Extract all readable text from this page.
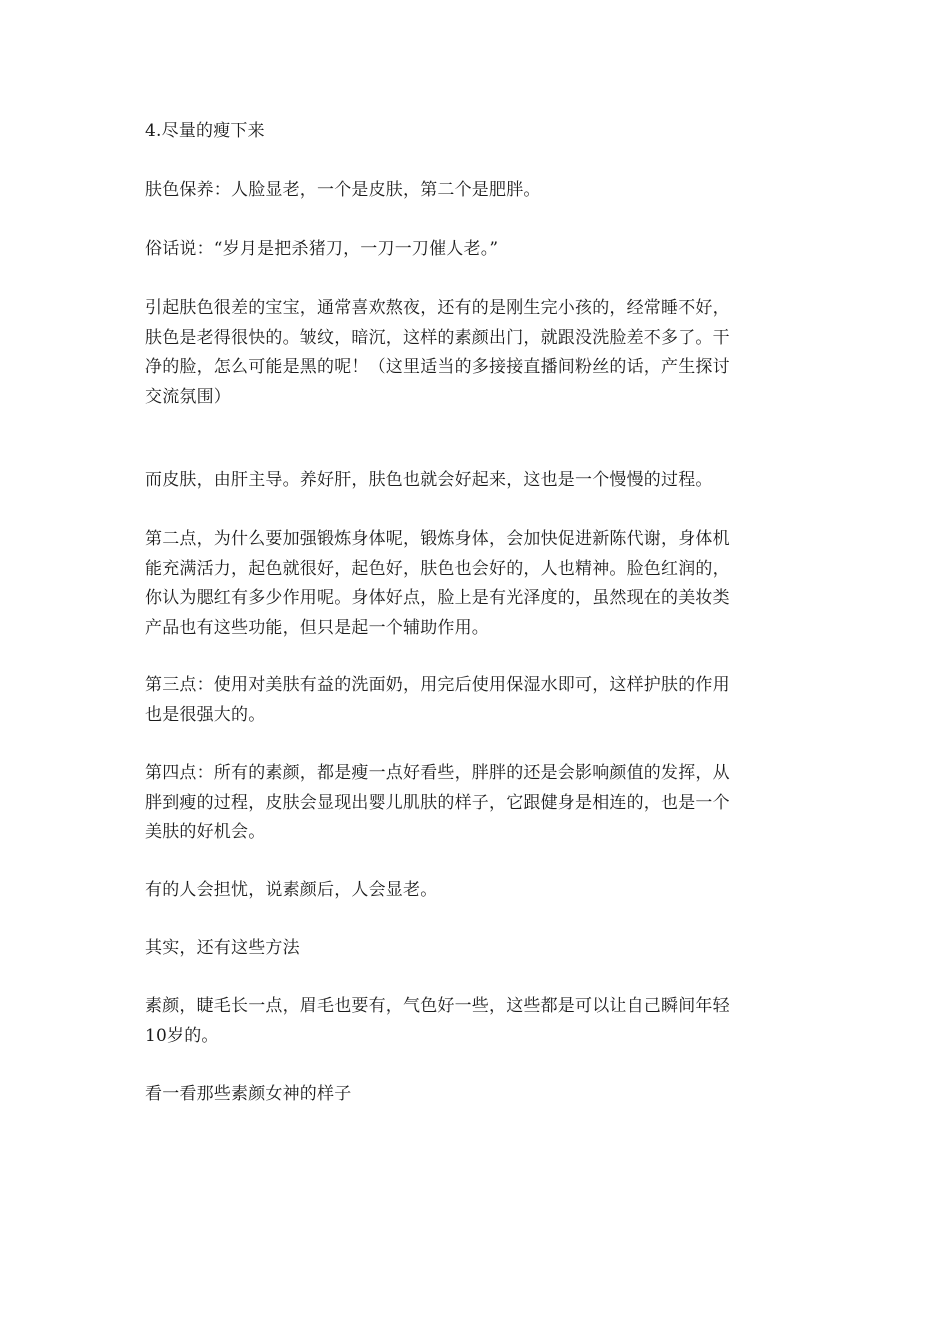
4.尽量的瘦下来

肤色保养：人脸显老，一个是皮肤，第二个是肥胖。

俗话说：“岁月是把杀猪刀，一刀一刀催人老。”

引起肤色很差的宝宝，通常喜欢熬夜，还有的是刚生完小孩的，经常睡不好，
肤色是老得很快的。皱纹，暗沉，这样的素颜出门，就跟没洗脸差不多了。干
净的脸，怎么可能是黑的呢！（这里适当的多接接直播间粉丝的话，产生探讨
交流氛围）

而皮肤，由肝主导。养好肝，肤色也就会好起来，这也是一个慢慢的过程。

第二点，为什么要加强锻炼身体呢，锻炼身体，会加快促进新陈代谢，身体机
能充满活力，起色就很好，起色好，肤色也会好的，人也精神。脸色红润的，
你认为腮红有多少作用呢。身体好点，脸上是有光泽度的，虽然现在的美妆类
产品也有这些功能，但只是起一个辅助作用。

第三点：使用对美肤有益的洗面奶，用完后使用保湿水即可，这样护肤的作用
也是很强大的。

第四点：所有的素颜，都是瘦一点好看些，胖胖的还是会影响颜值的发挥，从
胖到瘦的过程，皮肤会显现出婴儿肌肤的样子，它跟健身是相连的，也是一个
美肤的好机会。

有的人会担忧，说素颜后，人会显老。

其实，还有这些方法

素颜，睫毛长一点，眉毛也要有，气色好一些，这些都是可以让自己瞬间年轻
10岁的。

看一看那些素颜女神的样子
